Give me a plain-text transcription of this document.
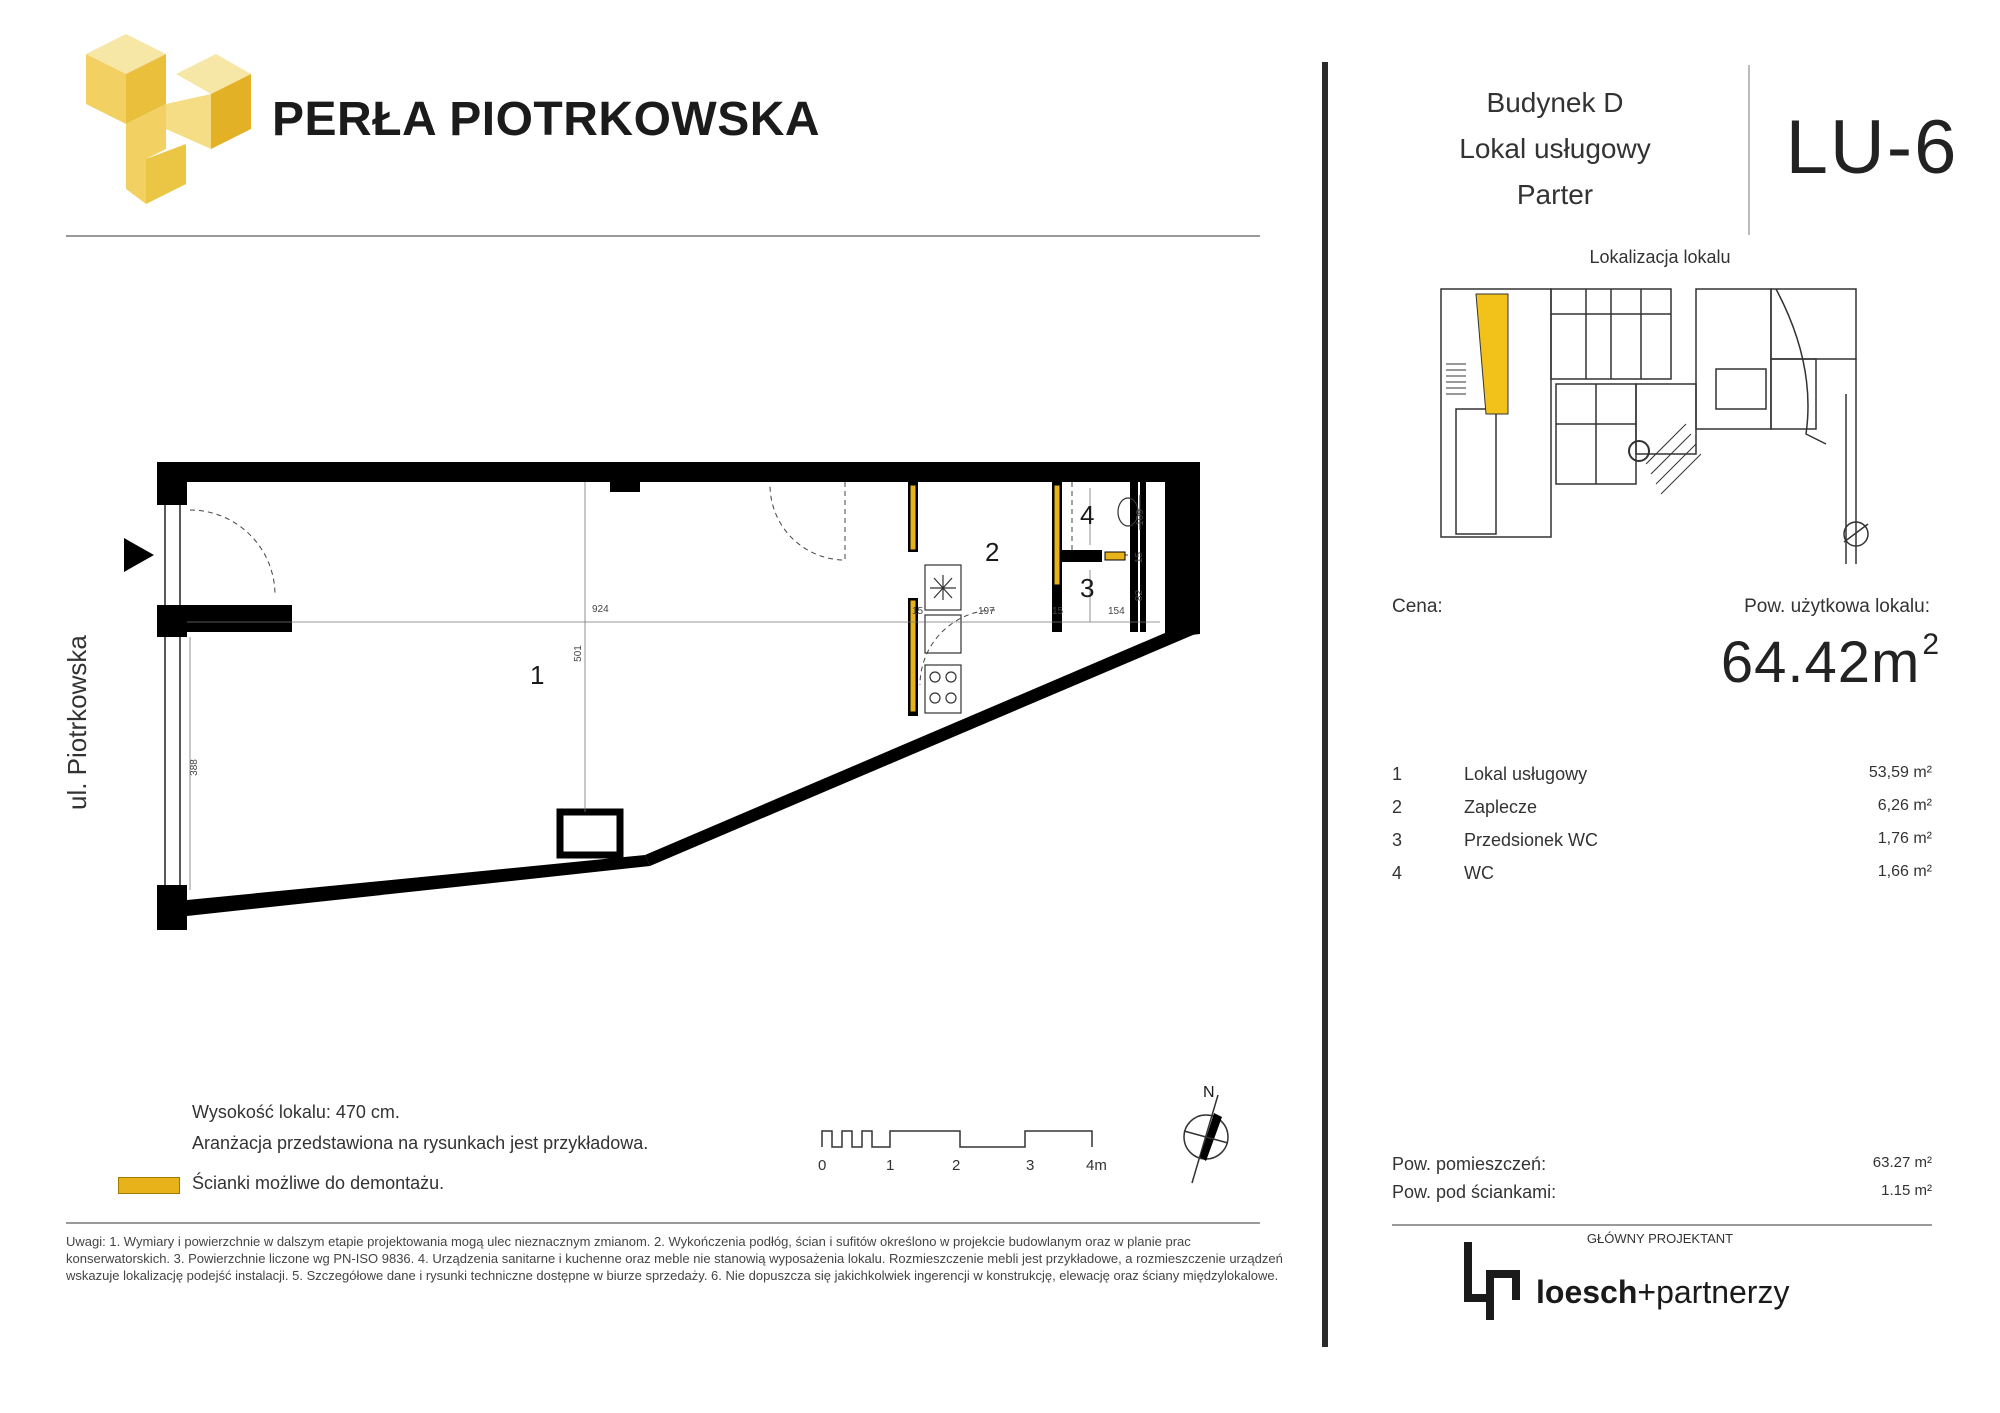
PERŁA PIOTRKOWSKA	Budynek D
Lokal usługowy
Parter
LU-6
Lokalizacja lokalu
Cena:	Pow. użytkowa lokalu:
$64.42m^2$
1	Lokal usługowy	53,59 m²
2	Zaplecze	6,26 m²
3	Przedsionek WC	1,76 m²
4	WC	1,66 m²
Pow. pomieszczeń:	63.27 m²
Pow. pod ściankami:	1.15 m²
GŁÓWNY PROJEKTANT
loesch+partnerzy
1
2
3
4
924
501
388
197	154
15	15
109
82
15
ul. Piotrkowska
Wysokość lokalu: 470 cm.
Aranżacja przedstawiona na rysunkach jest przykładowa.
Ścianki możliwe do demontażu.
0	1	2	3	4m
N
Uwagi: 1. Wymiary i powierzchnie w dalszym etapie projektowania mogą ulec nieznacznym zmianom. 2. Wykończenia podłóg, ścian i sufitów określono w projekcie budowlanym oraz w planie prac konserwatorskich. 3. Powierzchnie liczone wg PN-ISO 9836. 4. Urządzenia sanitarne i kuchenne oraz meble nie stanowią wyposażenia lokalu. Rozmieszczenie mebli jest przykładowe, a rozmieszczenie urządzeń wskazuje lokalizację podejść instalacji. 5. Szczegółowe dane i rysunki techniczne dostępne w biurze sprzedaży. 6. Nie dopuszcza się jakichkolwiek ingerencji w konstrukcję, elewację oraz ściany międzylokalowe.
